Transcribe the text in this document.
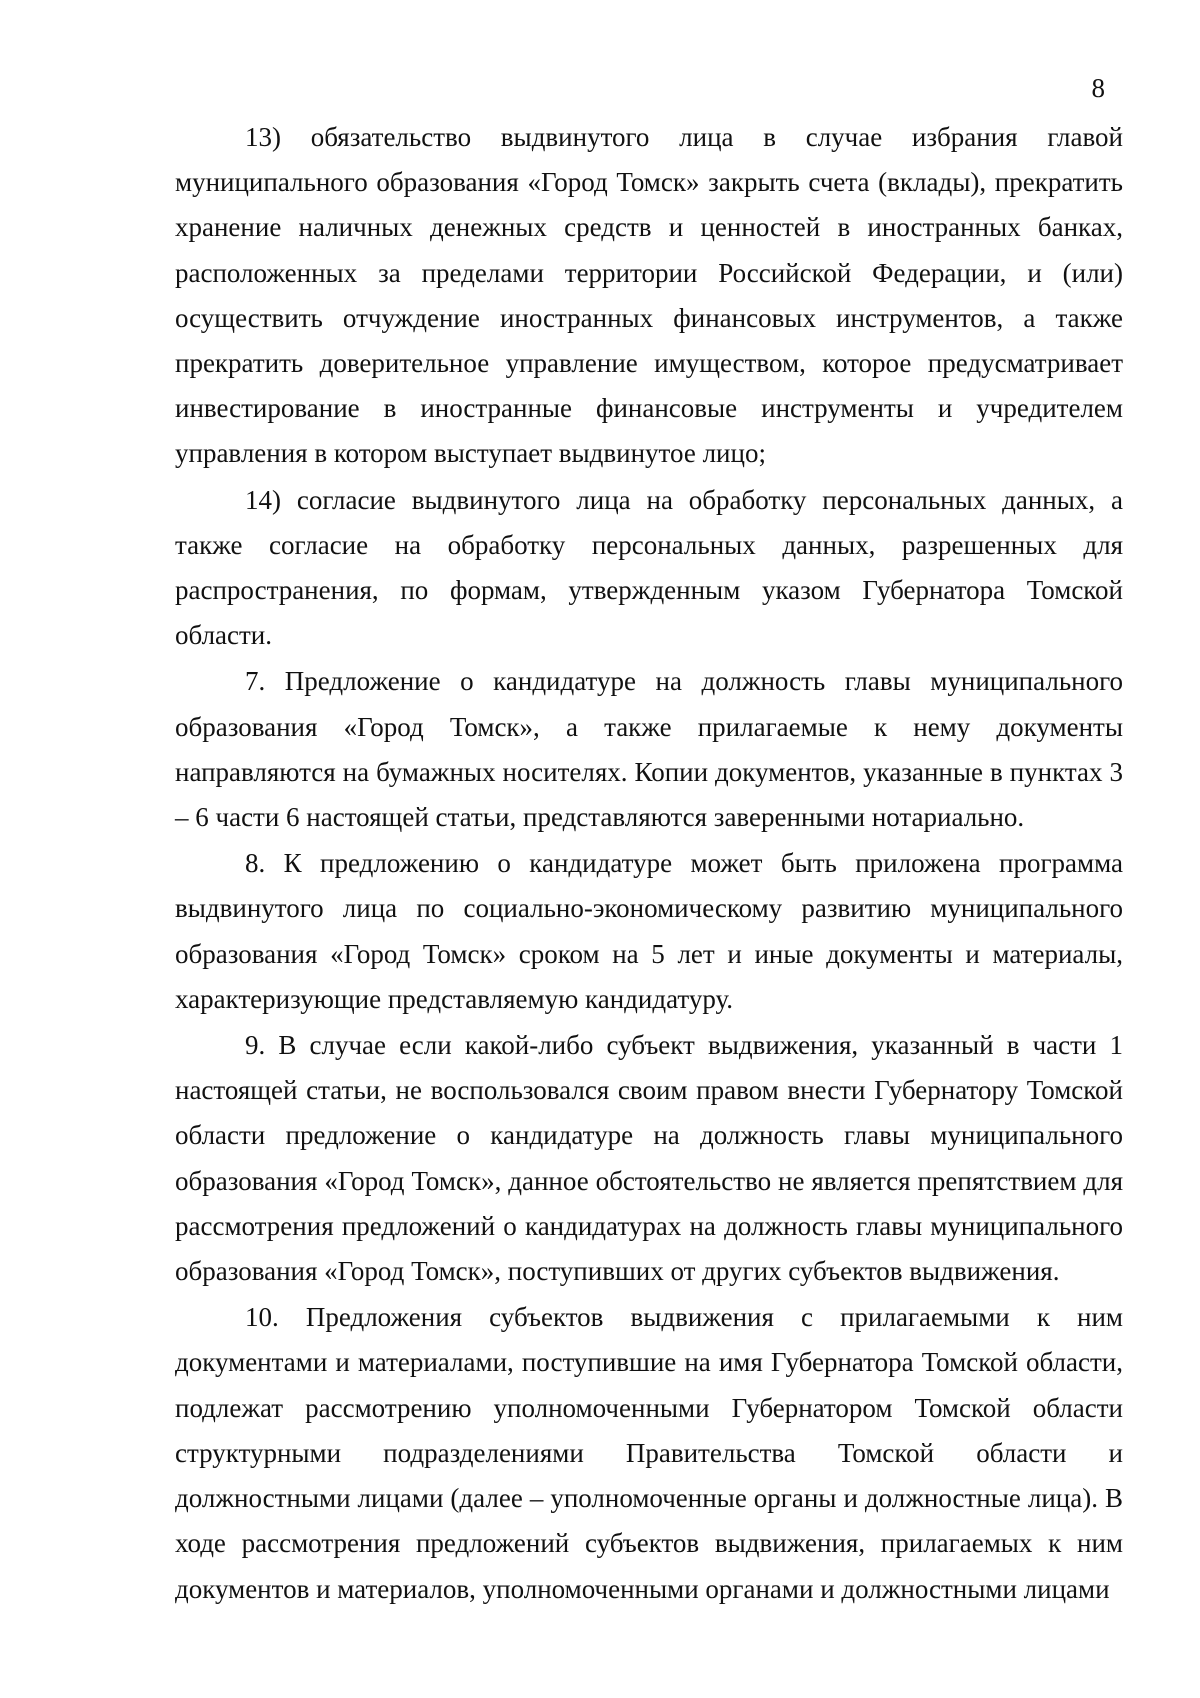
8

13) обязательство выдвинутого лица в случае избрания главой муниципального образования «Город Томск» закрыть счета (вклады), прекратить хранение наличных денежных средств и ценностей в иностранных банках, расположенных за пределами территории Российской Федерации, и (или) осуществить отчуждение иностранных финансовых инструментов, а также прекратить доверительное управление имуществом, которое предусматривает инвестирование в иностранные финансовые инструменты и учредителем управления в котором выступает выдвинутое лицо;

14) согласие выдвинутого лица на обработку персональных данных, а также согласие на обработку персональных данных, разрешенных для распространения, по формам, утвержденным указом Губернатора Томской области.

7. Предложение о кандидатуре на должность главы муниципального образования «Город Томск», а также прилагаемые к нему документы направляются на бумажных носителях. Копии документов, указанные в пунктах 3 – 6 части 6 настоящей статьи, представляются заверенными нотариально.

8. К предложению о кандидатуре может быть приложена программа выдвинутого лица по социально-экономическому развитию муниципального образования «Город Томск» сроком на 5 лет и иные документы и материалы, характеризующие представляемую кандидатуру.

9. В случае если какой-либо субъект выдвижения, указанный в части 1 настоящей статьи, не воспользовался своим правом внести Губернатору Томской области предложение о кандидатуре на должность главы муниципального образования «Город Томск», данное обстоятельство не является препятствием для рассмотрения предложений о кандидатурах на должность главы муниципального образования «Город Томск», поступивших от других субъектов выдвижения.

10. Предложения субъектов выдвижения с прилагаемыми к ним документами и материалами, поступившие на имя Губернатора Томской области, подлежат рассмотрению уполномоченными Губернатором Томской области структурными подразделениями Правительства Томской области и должностными лицами (далее – уполномоченные органы и должностные лица). В ходе рассмотрения предложений субъектов выдвижения, прилагаемых к ним документов и материалов, уполномоченными органами и должностными лицами
